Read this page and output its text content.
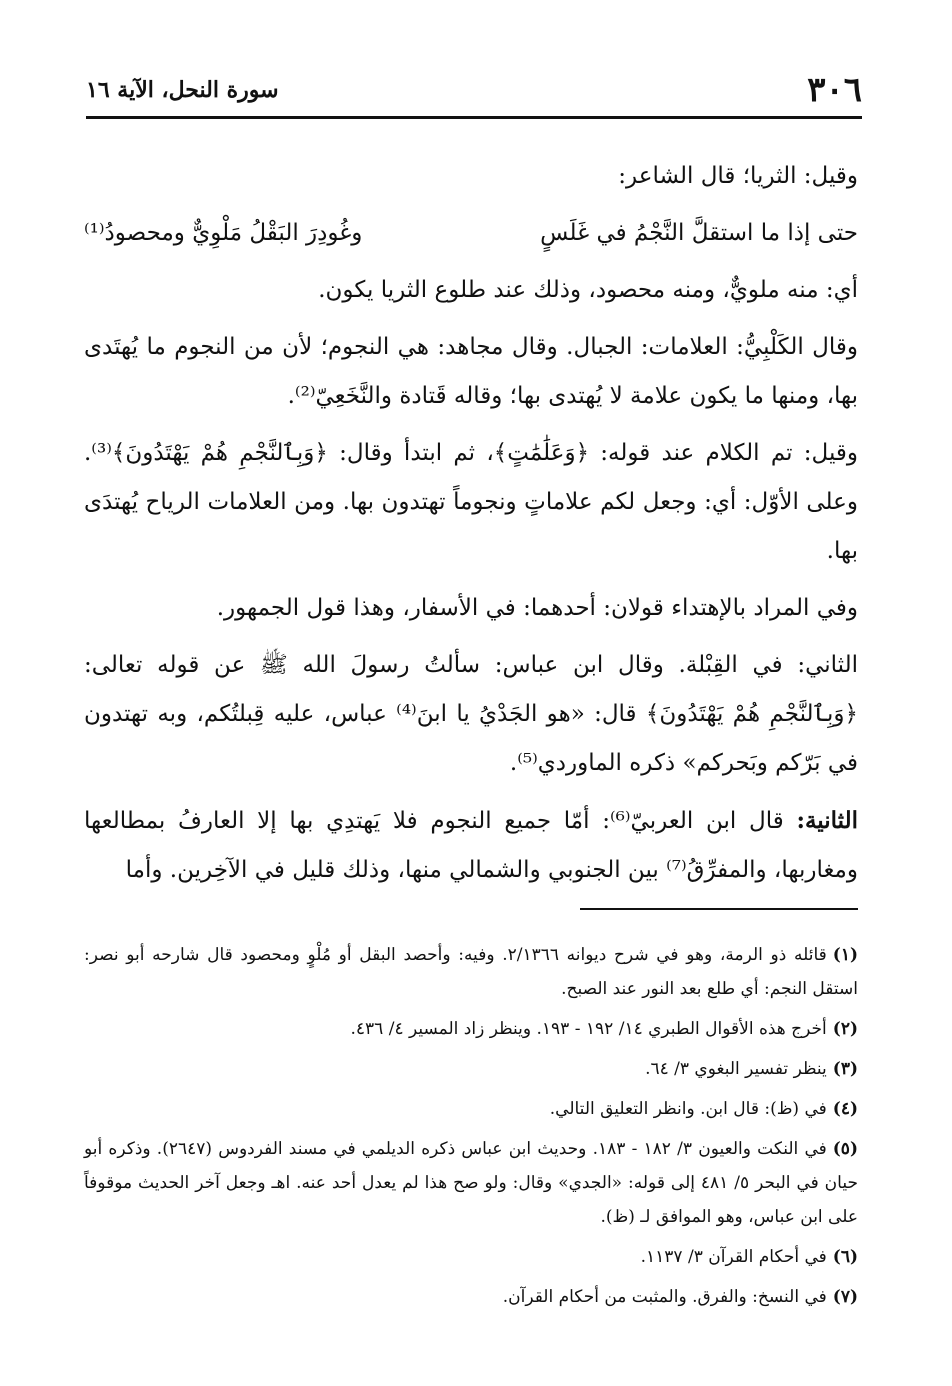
٣٠٦
سورة النحل، الآية ١٦

وقيل: الثريا؛ قال الشاعر:

حتى إذا ما استقلَّ النَّجْمُ في غَلَسٍ
وغُودِرَ البَقْلُ مَلْوِيٌّ ومحصودُ⁽¹⁾

أي: منه ملويٌّ، ومنه محصود، وذلك عند طلوع الثريا يكون.

وقال الكَلْبِيُّ: العلامات: الجبال. وقال مجاهد: هي النجوم؛ لأن من النجوم ما يُهتَدى بها، ومنها ما يكون علامة لا يُهتدى بها؛ وقاله قَتادة والنَّخَعِيّ⁽²⁾.

وقيل: تم الكلام عند قوله: ﴿وَعَلَٰمَٰتٍ﴾، ثم ابتدأ وقال: ﴿وَبِٱلنَّجْمِ هُمْ يَهْتَدُونَ﴾⁽³⁾. وعلى الأوّل: أي: وجعل لكم علاماتٍ ونجوماً تهتدون بها. ومن العلامات الرياح يُهتدَى بها.

وفي المراد بالإهتداء قولان: أحدهما: في الأسفار، وهذا قول الجمهور.

الثاني: في القِبْلة. وقال ابن عباس: سألتُ رسولَ الله ﷺ عن قوله تعالى: ﴿وَبِٱلنَّجْمِ هُمْ يَهْتَدُونَ﴾ قال: «هو الجَدْيُ يا ابنَ⁽⁴⁾ عباس، عليه قِبلتُكم، وبه تهتدون في بَرّكم وبَحركم» ذكره الماوردي⁽⁵⁾.

الثانية: قال ابن العربيّ⁽⁶⁾: أمّا جميع النجوم فلا يَهتدِي بها إلا العارفُ بمطالعها ومغاربها، والمفرِّقُ⁽⁷⁾ بين الجنوبي والشمالي منها، وذلك قليل في الآخِرين. وأما

(١)قائله ذو الرمة، وهو في شرح ديوانه ٢/١٣٦٦. وفيه: وأحصد البقل أو مُلْوٍ ومحصود قال شارحه أبو نصر: استقل النجم: أي طلع بعد النور عند الصبح.

(٢)أخرج هذه الأقوال الطبري ١٤/ ١٩٢ - ١٩٣. وينظر زاد المسير ٤/ ٤٣٦.

(٣)ينظر تفسير البغوي ٣/ ٦٤.

(٤)في (ظ): قال ابن. وانظر التعليق التالي.

(٥)في النكت والعيون ٣/ ١٨٢ - ١٨٣. وحديث ابن عباس ذكره الديلمي في مسند الفردوس (٢٦٤٧). وذكره أبو حيان في البحر ٥/ ٤٨١ إلى قوله: «الجدي» وقال: ولو صح هذا لم يعدل أحد عنه. اهـ وجعل آخر الحديث موقوفاً على ابن عباس، وهو الموافق لـ (ظ).

(٦)في أحكام القرآن ٣/ ١١٣٧.

(٧)في النسخ: والفرق. والمثبت من أحكام القرآن.
